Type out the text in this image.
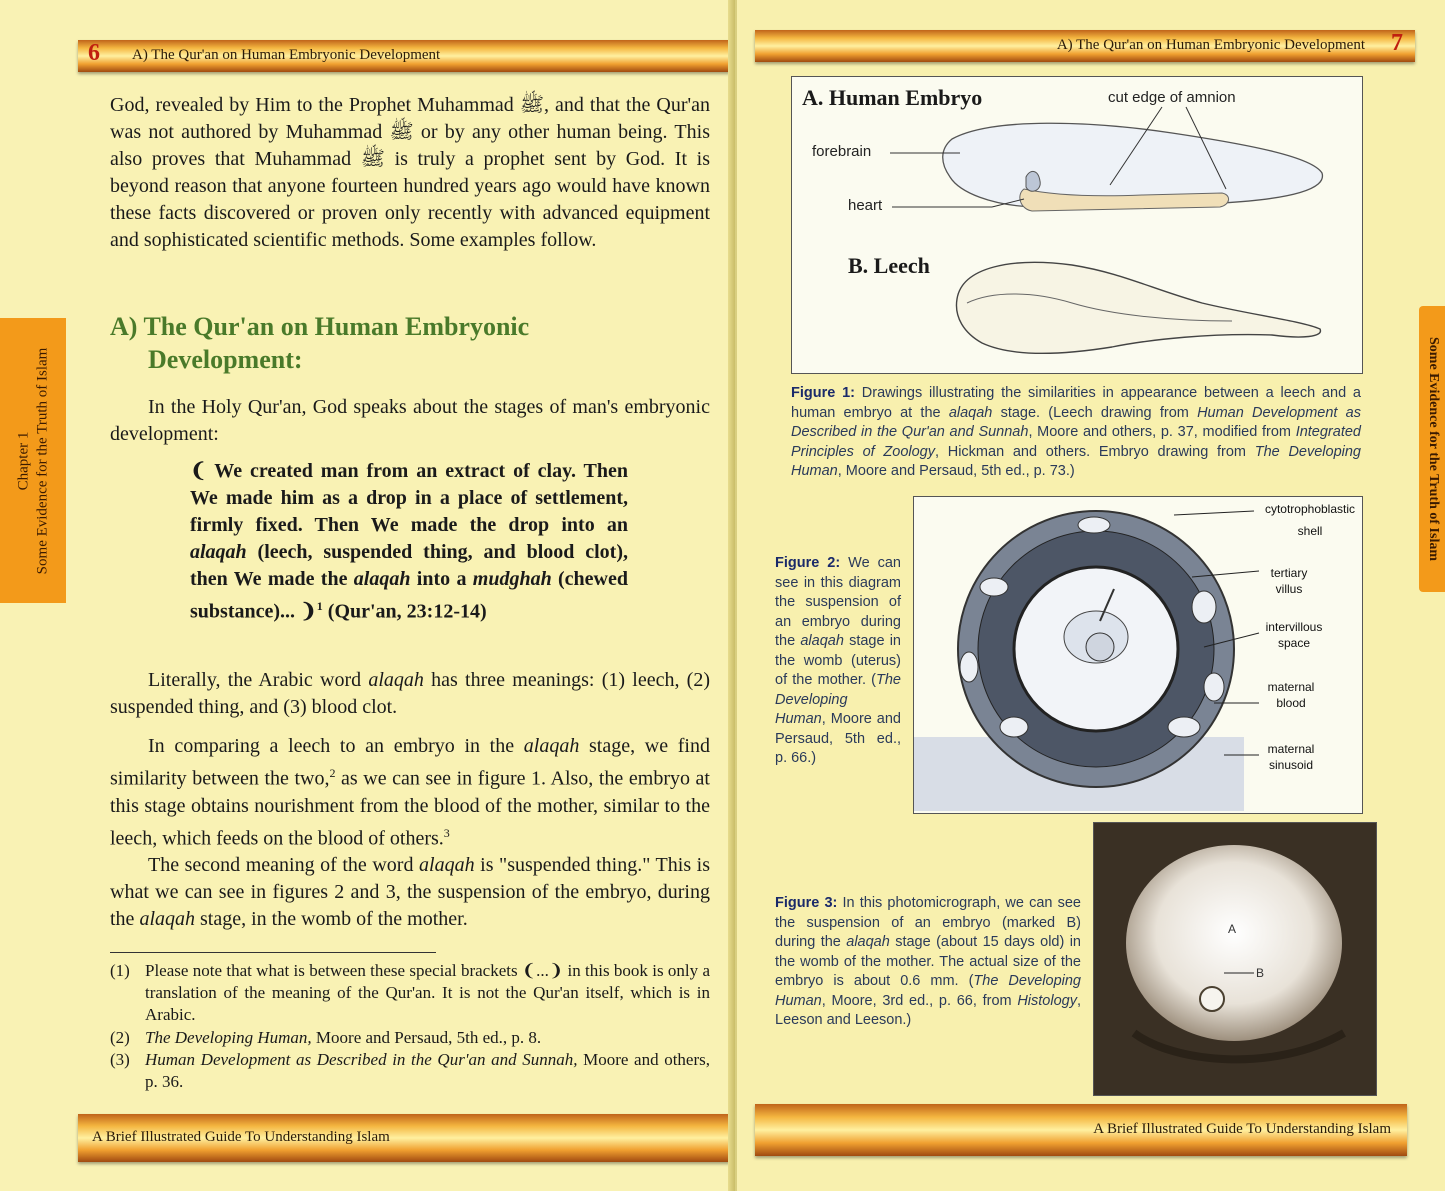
6 A) The Qur'an on Human Embryonic Development
God, revealed by Him to the Prophet Muhammad ﷺ, and that the Qur'an was not authored by Muhammad ﷺ or by any other human being. This also proves that Muhammad ﷺ is truly a prophet sent by God. It is beyond reason that anyone fourteen hundred years ago would have known these facts discovered or proven only recently with advanced equipment and sophisticated scientific methods. Some examples follow.
A) The Qur'an on Human Embryonic
Development:
In the Holy Qur'an, God speaks about the stages of man's embryonic development:
❨ We created man from an extract of clay. Then We made him as a drop in a place of settlement, firmly fixed. Then We made the drop into an alaqah (leech, suspended thing, and blood clot), then We made the alaqah into a mudghah (chewed substance)... ❩$^1$ (Qur'an, 23:12-14)
Literally, the Arabic word alaqah has three meanings: (1) leech, (2) suspended thing, and (3) blood clot.
In comparing a leech to an embryo in the alaqah stage, we find similarity between the two,$^2$ as we can see in figure 1. Also, the embryo at this stage obtains nourishment from the blood of the mother, similar to the leech, which feeds on the blood of others.$^3$
The second meaning of the word alaqah is "suspended thing." This is what we can see in figures 2 and 3, the suspension of the embryo, during the alaqah stage, in the womb of the mother.
(1) Please note that what is between these special brackets ❨...❩ in this book is only a translation of the meaning of the Qur'an. It is not the Qur'an itself, which is in Arabic.
(2) The Developing Human, Moore and Persaud, 5th ed., p. 8.
(3) Human Development as Described in the Qur'an and Sunnah, Moore and others, p. 36.
Chapter 1 Some Evidence for the Truth of Islam
A Brief Illustrated Guide To Understanding Islam
A) The Qur'an on Human Embryonic Development 7
A. Human Embryo	cut edge of amnion
forebrain
heart
B. Leech
Figure 1: Drawings illustrating the similarities in appearance between a leech and a human embryo at the alaqah stage. (Leech drawing from Human Development as Described in the Qur'an and Sunnah, Moore and others, p. 37, modified from Integrated Principles of Zoology, Hickman and others. Embryo drawing from The Developing Human, Moore and Persaud, 5th ed., p. 73.)
cytotrophoblastic
shell
tertiary
villus
intervillous
space
maternal
blood
maternal
sinusoid
Figure 2: We can see in this diagram the suspension of an embryo during the alaqah stage in the womb (uterus) of the mother. (The Developing Human, Moore and Persaud, 5th ed., p. 66.)
A
B
Figure 3: In this photomicrograph, we can see the suspension of an embryo (marked B) during the alaqah stage (about 15 days old) in the womb of the mother. The actual size of the embryo is about 0.6 mm. (The Developing Human, Moore, 3rd ed., p. 66, from Histology, Leeson and Leeson.)
Some Evidence for the Truth of Islam
A Brief Illustrated Guide To Understanding Islam
